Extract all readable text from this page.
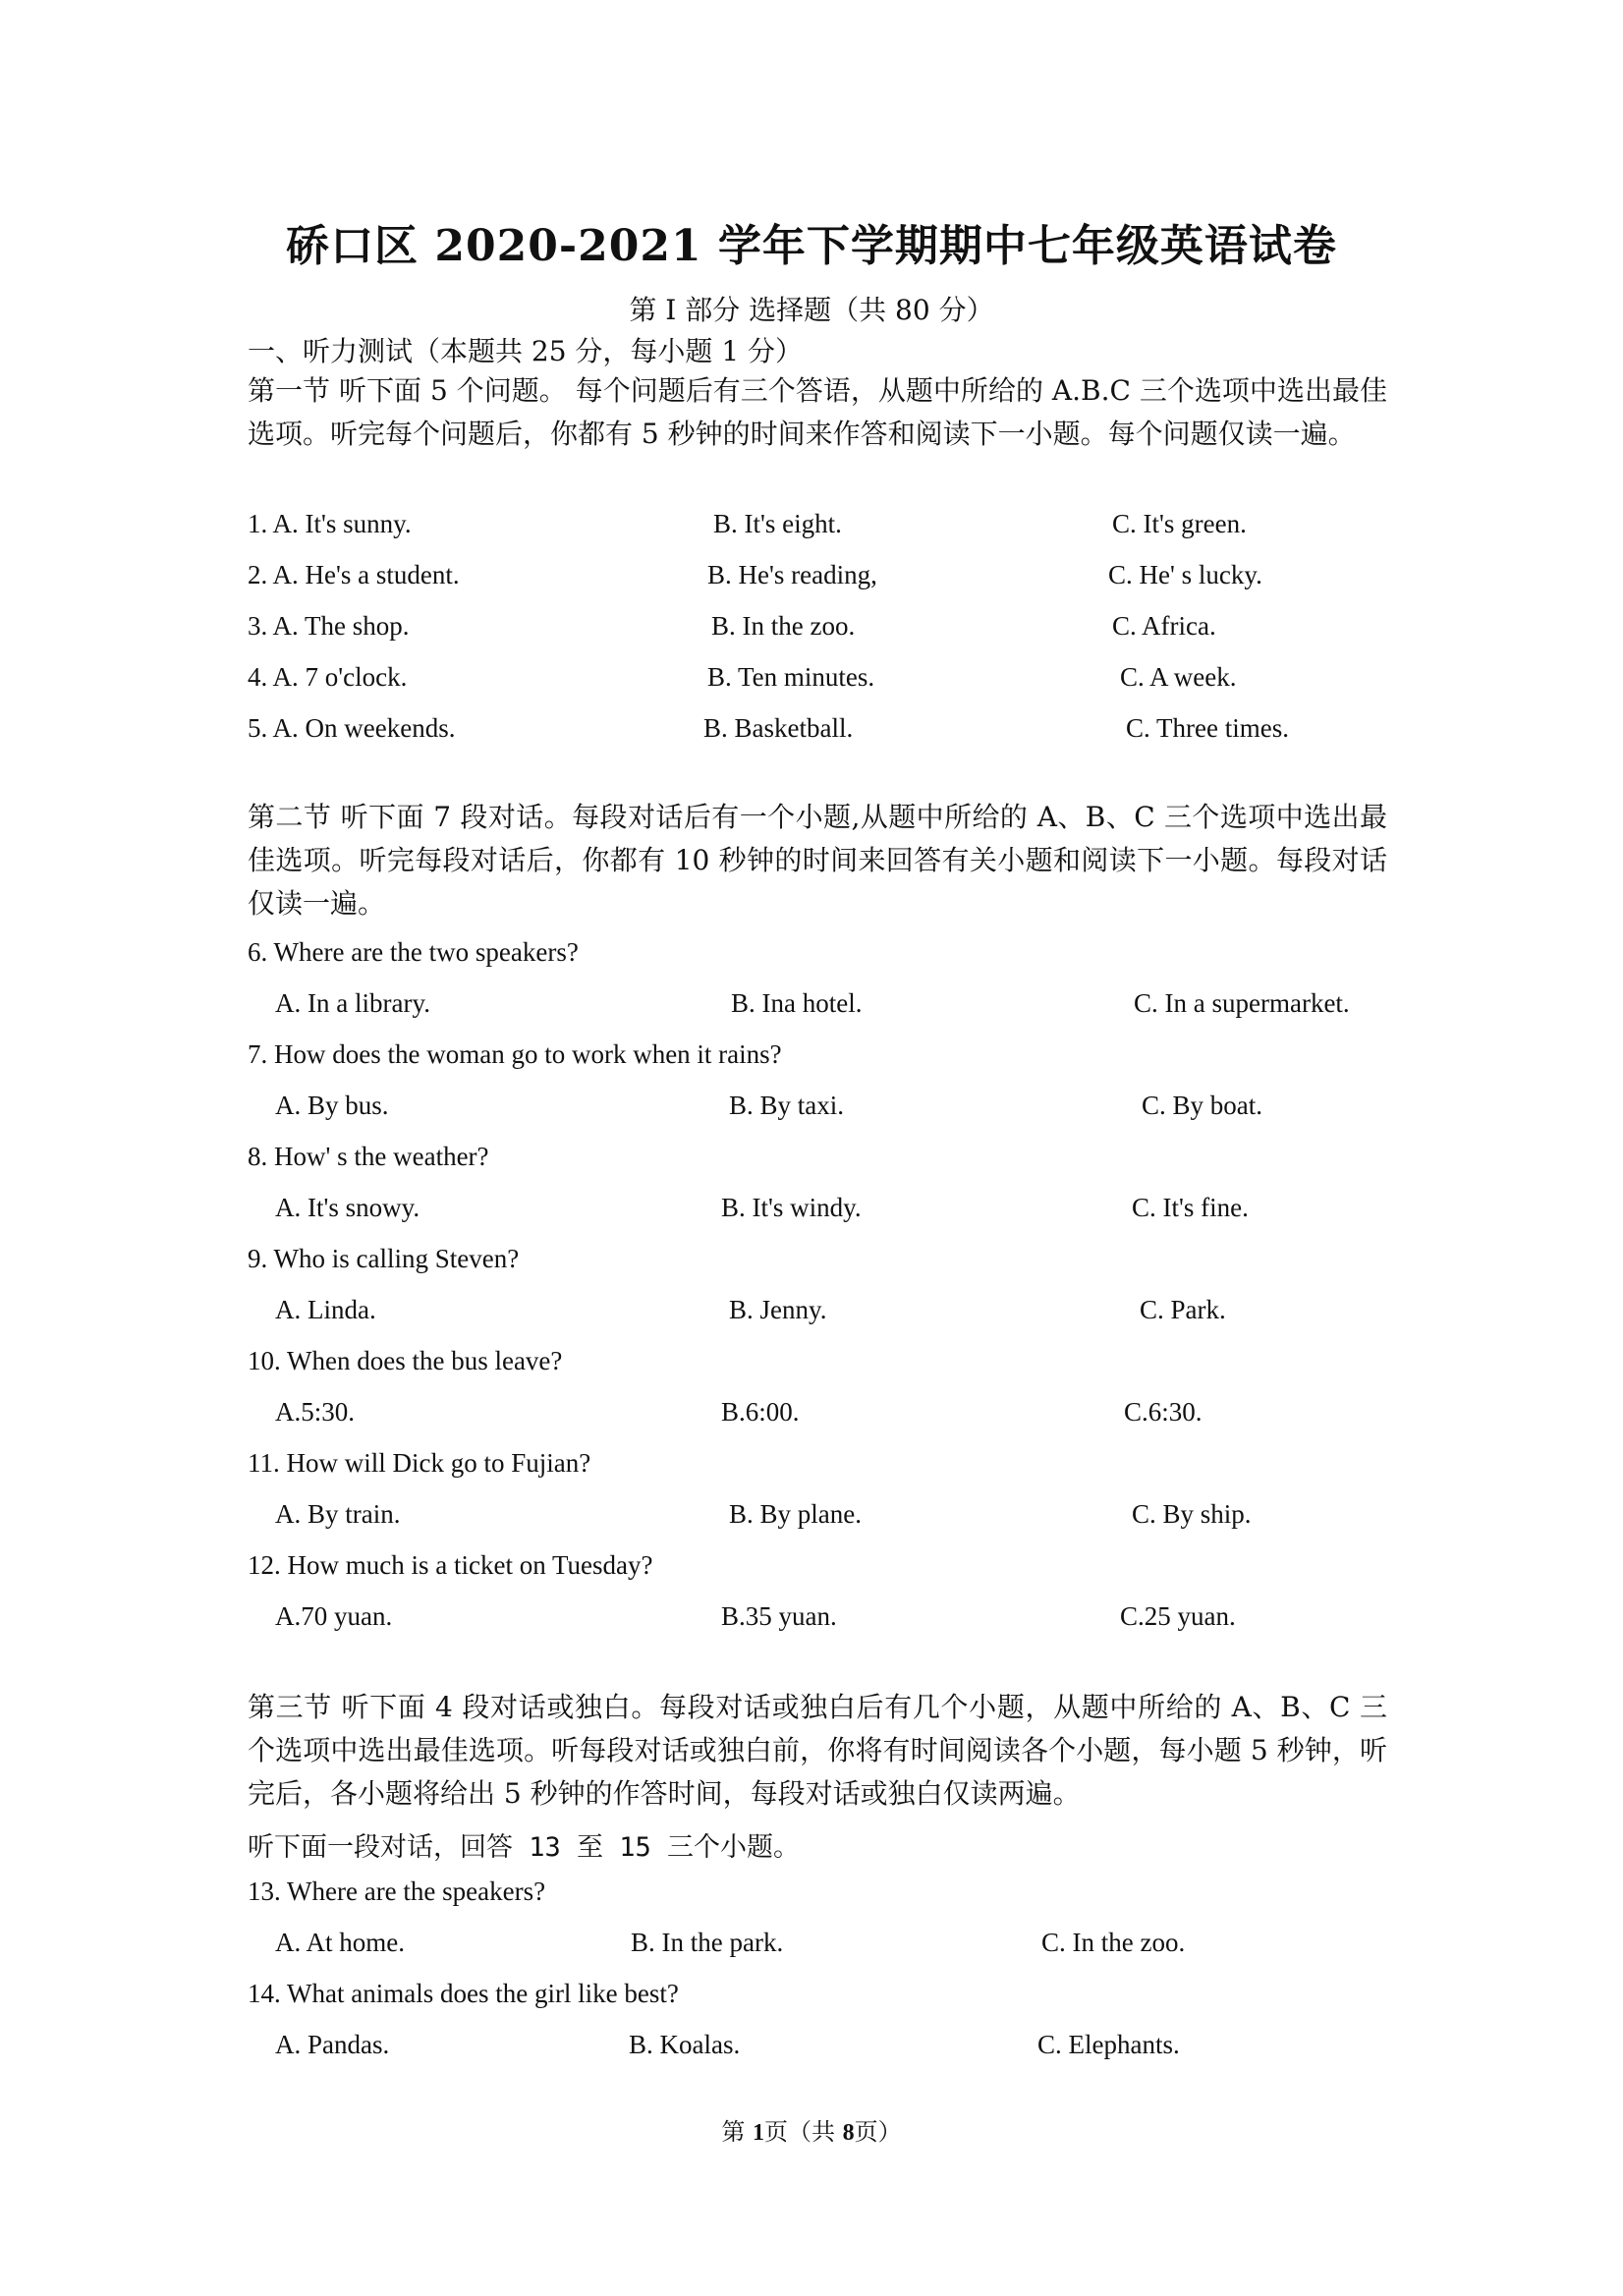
硚口区 2020-2021 学年下学期期中七年级英语试卷
第 I 部分 选择题（共 80 分）
一、听力测试（本题共 25 分，每小题 1 分）
第一节 听下面 5 个问题。 每个问题后有三个答语，从题中所给的 A.B.C 三个选项中选出最佳选项。听完每个问题后，你都有 5 秒钟的时间来作答和阅读下一小题。每个问题仅读一遍。
1. A. It's sunny.	B. It's eight.	C. It's green.
2. A. He's a student.	B. He's reading,	C. He' s lucky.
3. A. The shop.	B. In the zoo.	C. Africa.
4. A. 7 o'clock.	B. Ten minutes.	C. A week.
5. A. On weekends.	B. Basketball.	C. Three times.
第二节 听下面 7 段对话。每段对话后有一个小题,从题中所给的 A、B、C 三个选项中选出最佳选项。听完每段对话后，你都有 10 秒钟的时间来回答有关小题和阅读下一小题。每段对话仅读一遍。
6. Where are the two speakers?
A. In a library.	B. Ina hotel.	C. In a supermarket.
7. How does the woman go to work when it rains?
A. By bus.	B. By taxi.	C. By boat.
8. How' s the weather?
A. It's snowy.	B. It's windy.	C. It's fine.
9. Who is calling Steven?
A. Linda.	B. Jenny.	C. Park.
10. When does the bus leave?
A.5:30.	B.6:00.	C.6:30.
11. How will Dick go to Fujian?
A. By train.	B. By plane.	C. By ship.
12. How much is a ticket on Tuesday?
A.70 yuan.	B.35 yuan.	C.25 yuan.
第三节 听下面 4 段对话或独白。每段对话或独白后有几个小题，从题中所给的 A、B、C 三个选项中选出最佳选项。听每段对话或独白前，你将有时间阅读各个小题，每小题 5 秒钟，听完后，各小题将给出 5 秒钟的作答时间，每段对话或独白仅读两遍。
听下面一段对话，回答 13 至 15 三个小题。
13. Where are the speakers?
A. At home.	B. In the park.	C. In the zoo.
14. What animals does the girl like best?
A. Pandas.	B. Koalas.	C. Elephants.
第 1页（共 8页）
